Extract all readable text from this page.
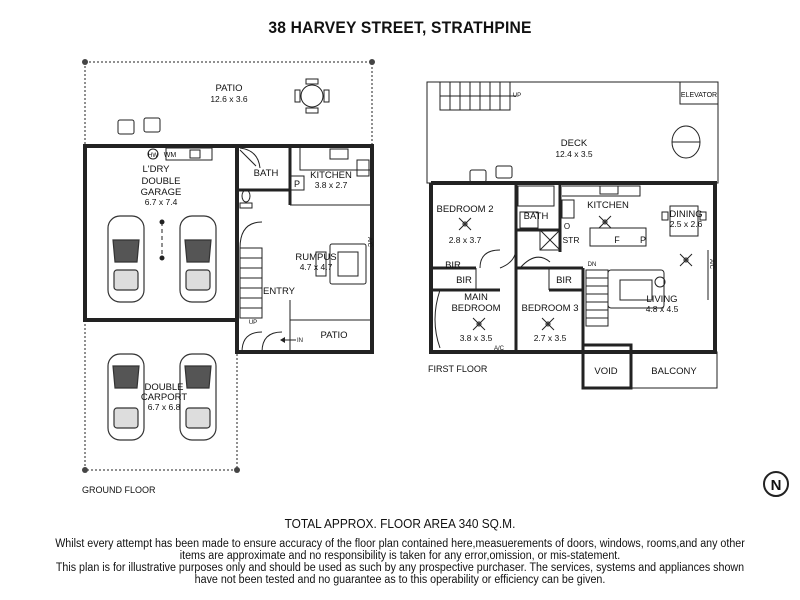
38 HARVEY STREET, STRATHPINE
N
PATIO
12.6 x 3.6
HW WM
L'DRY
DOUBLE
GARAGE
6.7 x 7.4
BATH	KITCHEN
3.8 x 2.7
P
RUMPUS
4.7 x 4.7
A/C
ENTRY
UP
IN PATIO
DOUBLE
CARPORT
6.7 x 6.8
GROUND FLOOR
UP	ELEVATOR
DECK
12.4 x 3.5
BEDROOM 2
2.8 x 3.7
BATH
KITCHEN
O
STR	F P
DINING
2.5 x 2.6
BIR
BIR	BIR
MAIN
BEDROOM
3.8 x 3.5
BEDROOM 3
2.7 x 3.5
LIVING
4.8 x 4.5
DN	A/C
A/C
VOID	BALCONY
FIRST FLOOR
TOTAL APPROX. FLOOR AREA 340 SQ.M.
Whilst every attempt has been made to ensure accuracy of the floor plan contained here,measuerements of doors, windows, rooms,and any other
items are approximate and no responsibility is taken for any error,omission, or mis-statement.
This plan is for illustrative purposes only and should be used as such by any prospective purchaser. The services, systems and appliances shown
have not been tested and no guarantee as to this operability or efficiency can be given.
